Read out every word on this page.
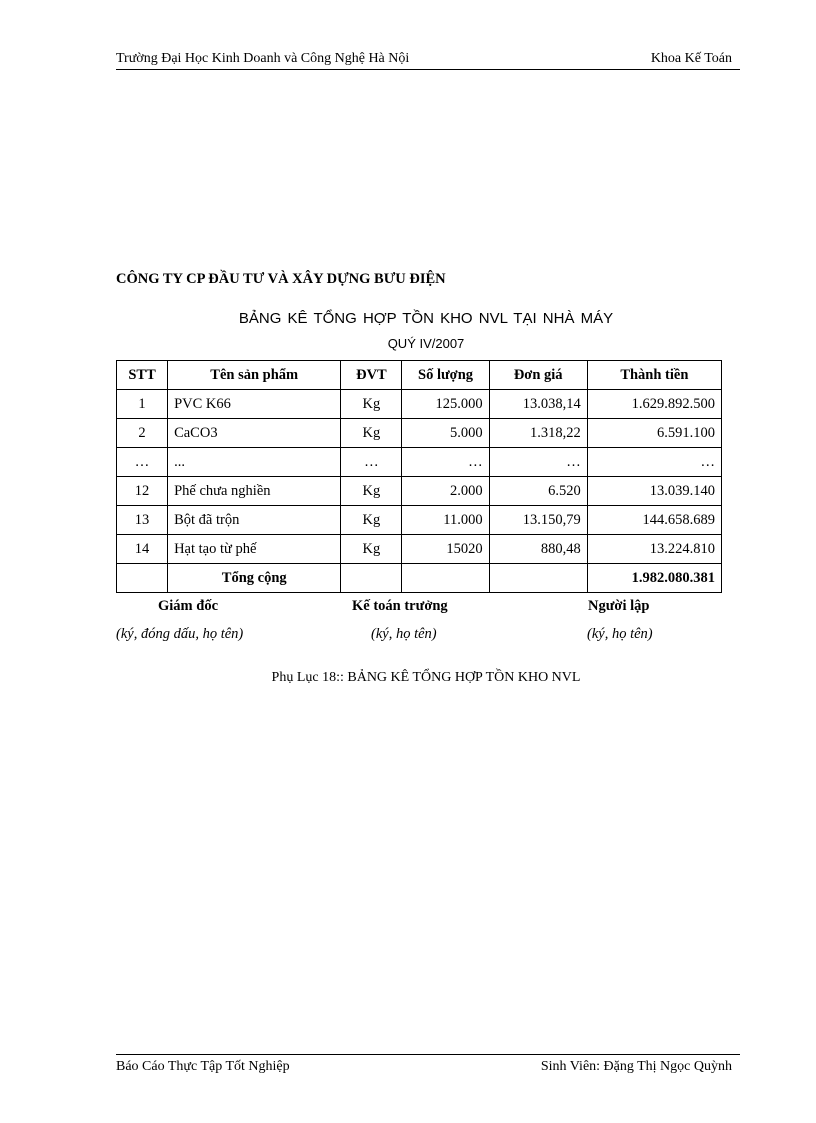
Trường Đại Học Kinh Doanh và Công Nghệ Hà Nội	Khoa Kế Toán
CÔNG TY CP ĐẦU TƯ VÀ XÂY DỰNG BƯU ĐIỆN
BẢNG KÊ TỔNG HỢP TỒN KHO NVL TẠI NHÀ MÁY
QUÝ IV/2007
STT	Tên sản phẩm	ĐVT	Số lượng	Đơn giá	Thành tiền
1	PVC K66	Kg	125.000	13.038,14	1.629.892.500
2	CaCO3	Kg	5.000	1.318,22	6.591.100
…	...	…	…	…	…
12	Phế chưa nghiền	Kg	2.000	6.520	13.039.140
13	Bột đã trộn	Kg	11.000	13.150,79	144.658.689
14	Hạt tạo từ phế	Kg	15020	880,48	13.224.810
	Tổng cộng				1.982.080.381
Giám đốc
(ký, đóng dấu, họ tên)
Kế toán trưởng
(ký, họ tên)
Người lập
(ký, họ tên)
Phụ Lục 18:: BẢNG KÊ TỔNG HỢP TỒN KHO NVL
Báo Cáo Thực Tập Tốt Nghiệp	Sinh Viên: Đặng Thị Ngọc Quỳnh
